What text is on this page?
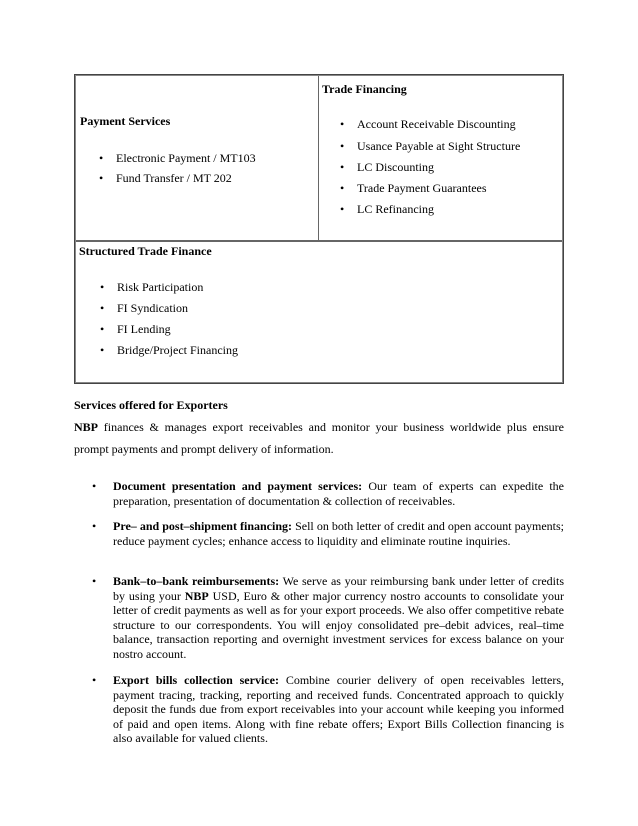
Payment Services
• Electronic Payment / MT103
• Fund Transfer / MT 202
Trade Financing
• Account Receivable Discounting
• Usance Payable at Sight Structure
• LC Discounting
• Trade Payment Guarantees
• LC Refinancing
Structured Trade Finance
• Risk Participation
• FI Syndication
• FI Lending
• Bridge/Project Financing
Services offered for Exporters
NBP finances & manages export receivables and monitor your business worldwide plus ensure prompt payments and prompt delivery of information.
• Document presentation and payment services: Our team of experts can expedite the preparation, presentation of documentation & collection of receivables.
• Pre– and post–shipment financing: Sell on both letter of credit and open account payments; reduce payment cycles; enhance access to liquidity and eliminate routine inquiries.
• Bank–to–bank reimbursements: We serve as your reimbursing bank under letter of credits by using your NBP USD, Euro & other major currency nostro accounts to consolidate your letter of credit payments as well as for your export proceeds. We also offer competitive rebate structure to our correspondents. You will enjoy consolidated pre–debit advices, real–time balance, transaction reporting and overnight investment services for excess balance on your nostro account.
• Export bills collection service: Combine courier delivery of open receivables letters, payment tracing, tracking, reporting and received funds. Concentrated approach to quickly deposit the funds due from export receivables into your account while keeping you informed of paid and open items. Along with fine rebate offers; Export Bills Collection financing is also available for valued clients.
